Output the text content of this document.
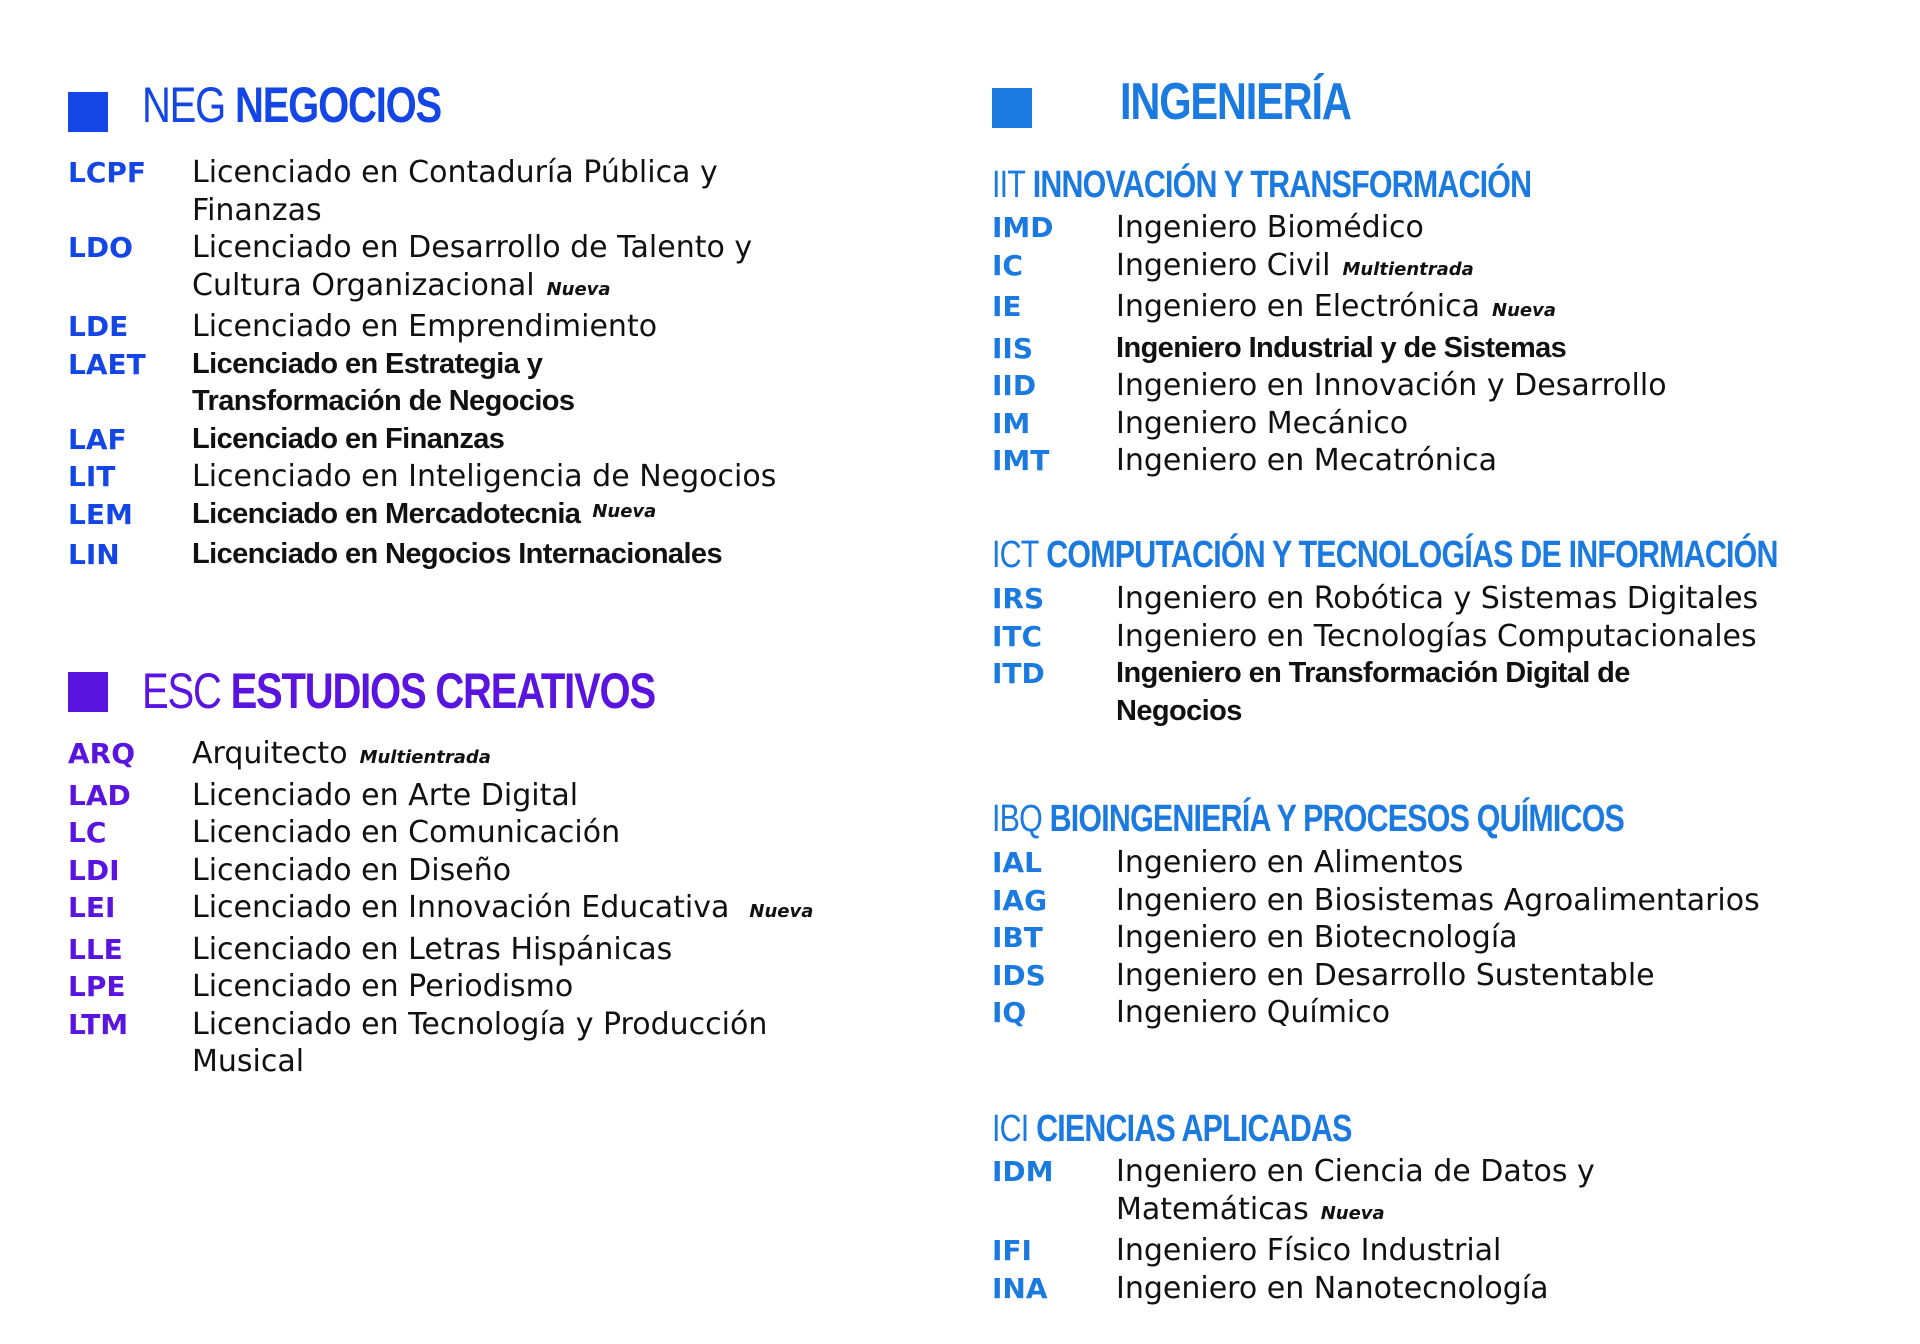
NEG NEGOCIOS
LCPF	Licenciado en Contaduría Pública y Finanzas
LDO	Licenciado en Desarrollo de Talento y Cultura Organizacional Nueva
LDE	Licenciado en Emprendimiento
LAET	Licenciado en Estrategia y Transformación de Negocios
LAF	Licenciado en Finanzas
LIT	Licenciado en Inteligencia de Negocios
LEM	Licenciado en Mercadotecnia $^{Nueva}$
LIN	Licenciado en Negocios Internacionales
ESC ESTUDIOS CREATIVOS
ARQ	Arquitecto Multientrada
LAD	Licenciado en Arte Digital
LC	Licenciado en Comunicación
LDI	Licenciado en Diseño
LEI	Licenciado en Innovación Educativa Nueva
LLE	Licenciado en Letras Hispánicas
LPE	Licenciado en Periodismo
LTM	Licenciado en Tecnología y Producción Musical
INGENIERÍA
IIT INNOVACIÓN Y TRANSFORMACIÓN
IMD	Ingeniero Biomédico
IC	Ingeniero Civil Multientrada
IE	Ingeniero en Electrónica Nueva
IIS	Ingeniero Industrial y de Sistemas
IID	Ingeniero en Innovación y Desarrollo
IM	Ingeniero Mecánico
IMT	Ingeniero en Mecatrónica
ICT COMPUTACIÓN Y TECNOLOGÍAS DE INFORMACIÓN
IRS	Ingeniero en Robótica y Sistemas Digitales
ITC	Ingeniero en Tecnologías Computacionales
ITD	Ingeniero en Transformación Digital de Negocios
IBQ BIOINGENIERÍA Y PROCESOS QUÍMICOS
IAL	Ingeniero en Alimentos
IAG	Ingeniero en Biosistemas Agroalimentarios
IBT	Ingeniero en Biotecnología
IDS	Ingeniero en Desarrollo Sustentable
IQ	Ingeniero Químico
ICI CIENCIAS APLICADAS
IDM	Ingeniero en Ciencia de Datos y Matemáticas Nueva
IFI	Ingeniero Físico Industrial
INA	Ingeniero en Nanotecnología
